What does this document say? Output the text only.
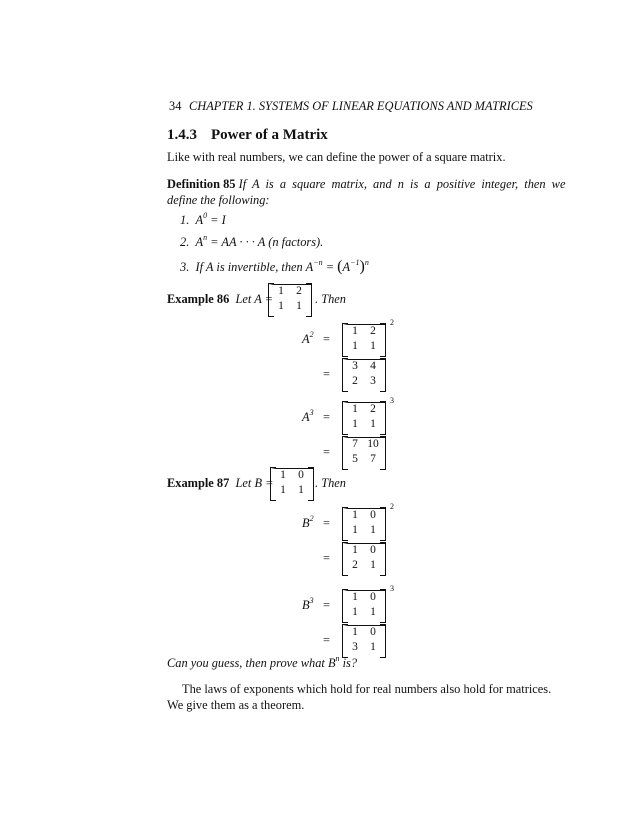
34 CHAPTER 1. SYSTEMS OF LINEAR EQUATIONS AND MATRICES
1.4.3 Power of a Matrix
Like with real numbers, we can define the power of a square matrix.
Definition 85 If A is a square matrix, and n is a positive integer, then we
define the following:
1.  $A^0 = I$
2.  $A^n$ = AA · · · A (n factors).
3.  If A is invertible, then $A^{-n} = (A^{-1})^n$
Example 86 Let A =	. Then
Example 87 Let B =	. Then
1	2
1	1
1	0
1	1
$A^2$ =
1	2
1	1
2
=
3	4
2	3
$A^3$ =
1	2
1	1
3
=
7 10
5	7
$B^2$ =
1	0
1	1
2
=
1	0
2	1
$B^3$ =
1	0
1	1
3
=
1	0
3	1
Can you guess, then prove what $B^n$ is?
The laws of exponents which hold for real numbers also hold for matrices.
We give them as a theorem.
